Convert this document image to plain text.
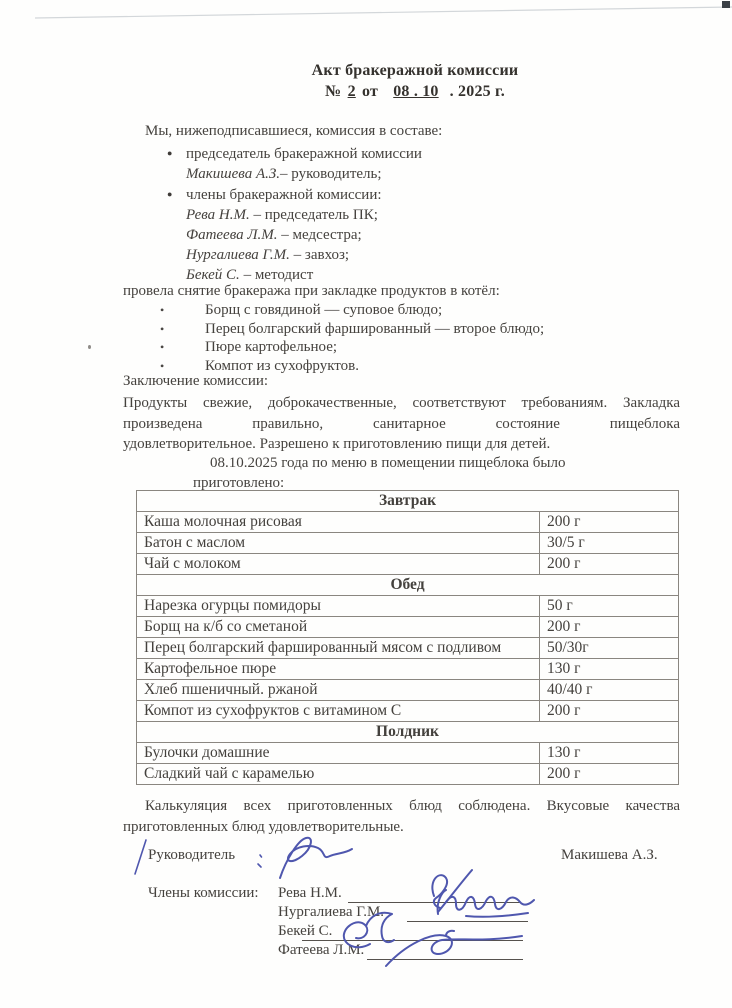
Акт бракеражной комиссии
№ 2 от 08 . 10 . 2025 г.
Мы, нижеподписавшиеся, комиссия в составе:
● председатель бракеражной комиссии
Макишева А.З.– руководитель;
● члены бракеражной комиссии:
Рева Н.М. – председатель ПК;
Фатеева Л.М. – медсестра;
Нургалиева Г.М. – завхоз;
Бекей С. – методист
провела снятие бракеража при закладке продуктов в котёл:
•	Борщ с говядиной — суповое блюдо;
•	Перец болгарский фаршированный — второе блюдо;
•	Пюре картофельное;
•	Компот из сухофруктов.
Заключение комиссии:
Продукты свежие, доброкачественные, соответствуют требованиям. Закладка
произведена правильно, санитарное состояние пищеблока
удовлетворительное. Разрешено к приготовлению пищи для детей.
08.10.2025 года по меню в помещении пищеблока было
приготовлено:
Завтрак	
Каша молочная рисовая	200 г
Батон с маслом	30/5 г
Чай с молоком	200 г
Обед	
Нарезка огурцы помидоры	50 г
Борщ на к/б со сметаной	200 г
Перец болгарский фаршированный мясом с подливом	50/30г
Картофельное пюре	130 г
Хлеб пшеничный. ржаной	40/40 г
Компот из сухофруктов с витамином С	200 г
Полдник	
Булочки домашние	130 г
Сладкий чай с карамелью	200 г
Калькуляция всех приготовленных блюд соблюдена. Вкусовые качества
приготовленных блюд удовлетворительные.
Руководитель	Макишева А.З.
Члены комиссии: Рева Н.М.
Нургалиева Г.М.
Бекей С.
Фатеева Л.М.
